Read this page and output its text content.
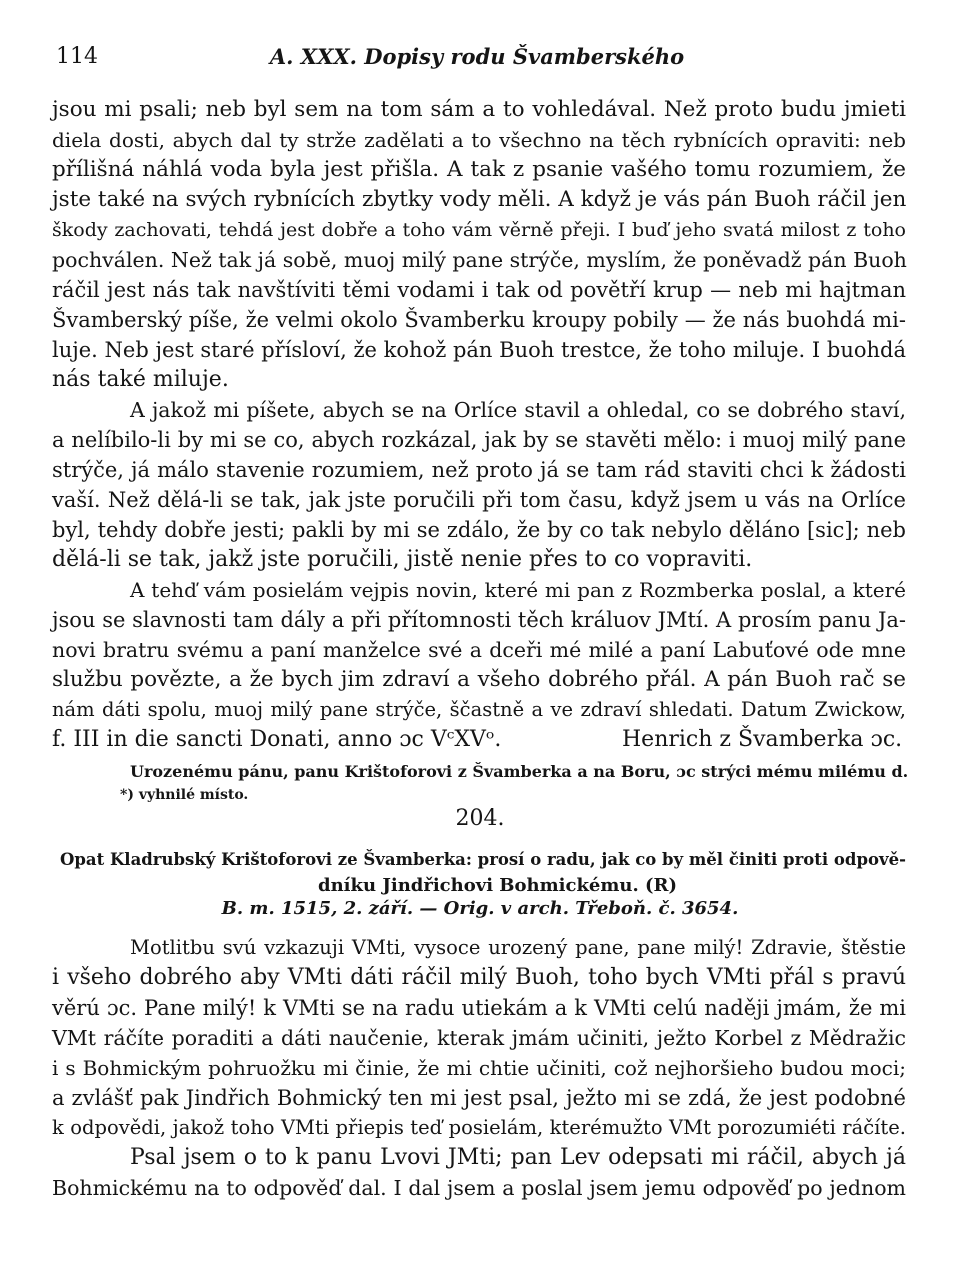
114	A. XXX. Dopisy rodu Švamberského
jsou mi psali; neb byl sem na tom sám a to vohledával. Než proto budu jmieti
diela dosti, abych dal ty strže zadělati a to všechno na těch rybnících opraviti: neb
přílišná náhlá voda byla jest přišla. A tak z psanie vašého tomu rozumiem, že
jste také na svých rybnících zbytky vody měli. A když je vás pán Buoh ráčil jen
škody zachovati, tehdá jest dobře a toho vám věrně přeji. I buď jeho svatá milost z toho
pochválen. Než tak já sobě, muoj milý pane strýčе, myslím, že poněvadž pán Buoh
ráčil jest nás tak navštíviti těmi vodami i tak od povětří krup — neb mi hajtman
Švamberský píše, že velmi okolo Švamberku kroupy pobily — že nás buohdá mi-
luje. Neb jest staré přísloví, že kohož pán Buoh trestce, že toho miluje. I buohdá
nás také miluje.
A jakož mi píšete, abych se na Orlícе stavil a ohledal, co se dobrého staví,
a nelíbilo-li by mi se co, abych rozkázal, jak by se stavěti mělo: i muoj milý pane
strýčе, já málo stavenie rozumiem, než proto já se tam rád staviti chci k žádosti
vaší. Než dělá-li se tak, jak jste poručili při tom času, když jsem u vás na Orlícе
byl, tehdy dobře jesti; pakli by mi se zdálo, že by co tak nebylo děláno [sic]; neb
dělá-li se tak, jakž jste poručili, jistě nenie přes to co vopraviti.
A tehď vám posielám vejpis novin, které mi pan z Rozmberka poslal, a které
jsou se slavnosti tam dály a při přítomnosti těch králuov JMtí. A prosím panu Ja-
novi bratru svému a paní manželce své a dceři mé milé a paní Labuťové ode mne
službu povězte, a že bych jim zdraví a všeho dobrého přál. A pán Buoh rač se
nám dáti spolu, muoj milý pane strýčе, ščastně a ve zdraví shledati. Datum Zwickow,
f. III in die sancti Donati, anno ɔc VᶜXVᵒ.	Henrich z Švamberka ɔc.
Urozenému pánu, panu Krištoforovi z Švamberka a na Boru, ɔc strýci mému milému d.
*) vyhnilé místo.
204.
Opat Kladrubský Krištoforovi ze Švamberka: prosí o radu, jak co by měl činiti proti odpově-
dníku Jindřichovi Bohmickému. (R)
B. m. 1515, 2. září. — Orig. v arch. Třeboň. č. 3654.
Motlitbu svú vzkazuji VMti, vysoce urozený pane, pane milý! Zdravie, štěstie
i všeho dobrého aby VMti dáti ráčil milý Buoh, toho bych VMti přál s pravú
věrú ɔc. Pane milý! k VMti se na radu utiekám a k VMti celú naději jmám, že mi
VMt ráčíte poraditi a dáti naučenie, kterak jmám učiniti, ježto Korbel z Mědražic
i s Bohmickým pohruožku mi činie, že mi chtie učiniti, což nejhoršieho budou moci;
a zvlášť pak Jindřich Bohmický ten mi jest psal, ježto mi se zdá, že jest podobné
k odpovědi, jakož toho VMti přiepis teď posielám, kterémužto VMt porozumiéti ráčíte.
Psal jsem o to k panu Lvovi JMti; pan Lev odepsati mi ráčil, abych já
Bohmickému na to odpověď dal. I dal jsem a poslal jsem jemu odpověď po jednom
